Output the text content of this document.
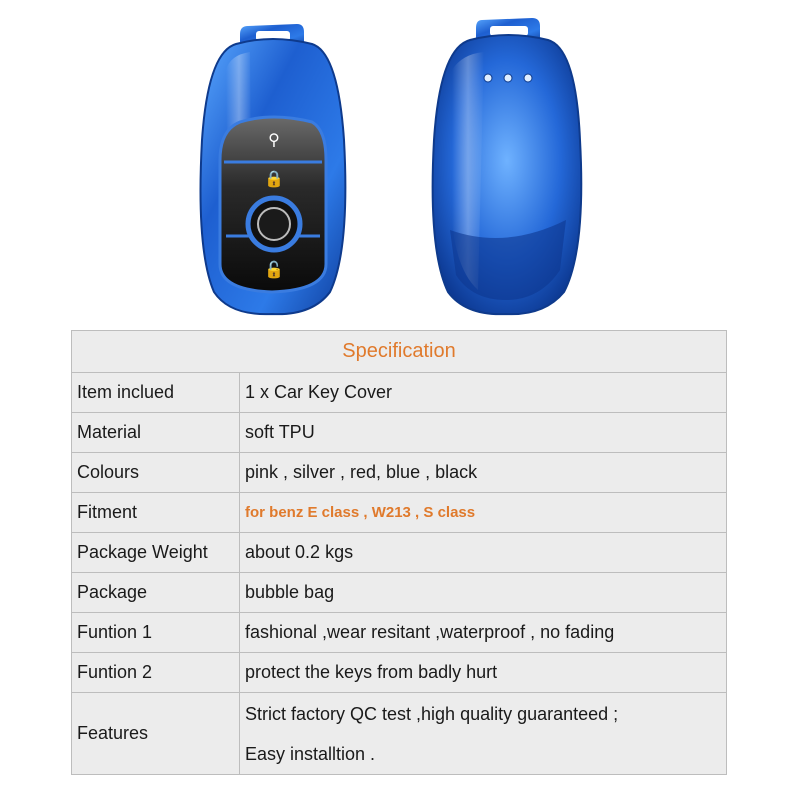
⚲
🔒
🔓
Specification	
Item inclued	1 x Car Key Cover
Material	soft TPU
Colours	pink , silver , red, blue , black
Fitment	for benz E class , W213 , S class
Package Weight	about 0.2 kgs
Package	bubble bag
Funtion 1	fashional ,wear resitant ,waterproof , no fading
Funtion 2	protect the keys from badly hurt
Features	Strict factory QC test ,high quality guaranteed ;
Easy installtion .
